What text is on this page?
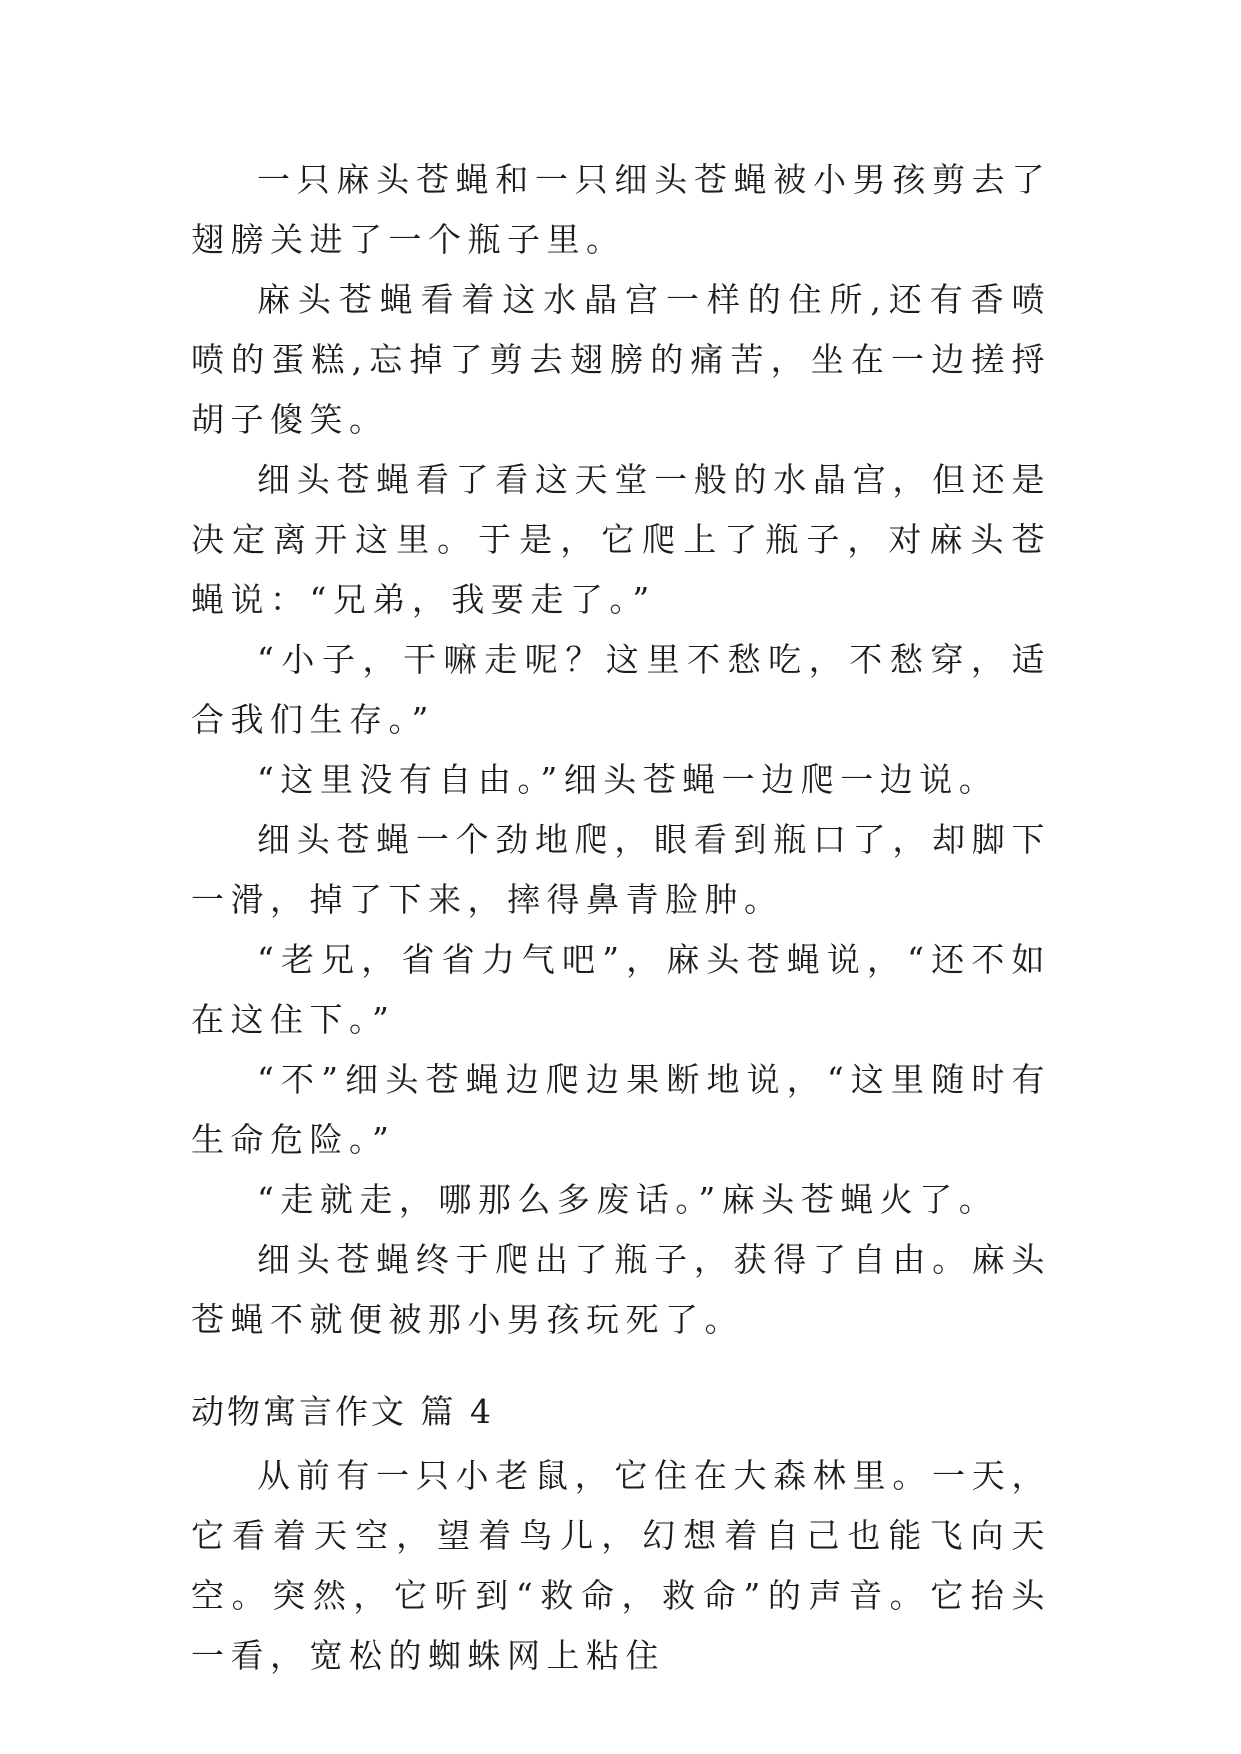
一只麻头苍蝇和一只细头苍蝇被小男孩剪去了翅膀关进了一个瓶子里。

麻头苍蝇看着这水晶宫一样的住所,还有香喷喷的蛋糕,忘掉了剪去翅膀的痛苦，坐在一边搓捋胡子傻笑。

细头苍蝇看了看这天堂一般的水晶宫，但还是决定离开这里。于是，它爬上了瓶子，对麻头苍蝇说：“兄弟，我要走了。”

“小子，干嘛走呢？这里不愁吃，不愁穿，适合我们生存。”

“这里没有自由。”细头苍蝇一边爬一边说。

细头苍蝇一个劲地爬，眼看到瓶口了，却脚下一滑，掉了下来，摔得鼻青脸肿。

“老兄，省省力气吧”，麻头苍蝇说，“还不如在这住下。”

“不”细头苍蝇边爬边果断地说，“这里随时有生命危险。”

“走就走，哪那么多废话。”麻头苍蝇火了。

细头苍蝇终于爬出了瓶子，获得了自由。麻头苍蝇不就便被那小男孩玩死了。

动物寓言作文 篇 4

从前有一只小老鼠，它住在大森林里。一天，它看着天空，望着鸟儿，幻想着自己也能飞向天空。突然，它听到“救命，救命”的声音。它抬头一看，宽松的蜘蛛网上粘住
